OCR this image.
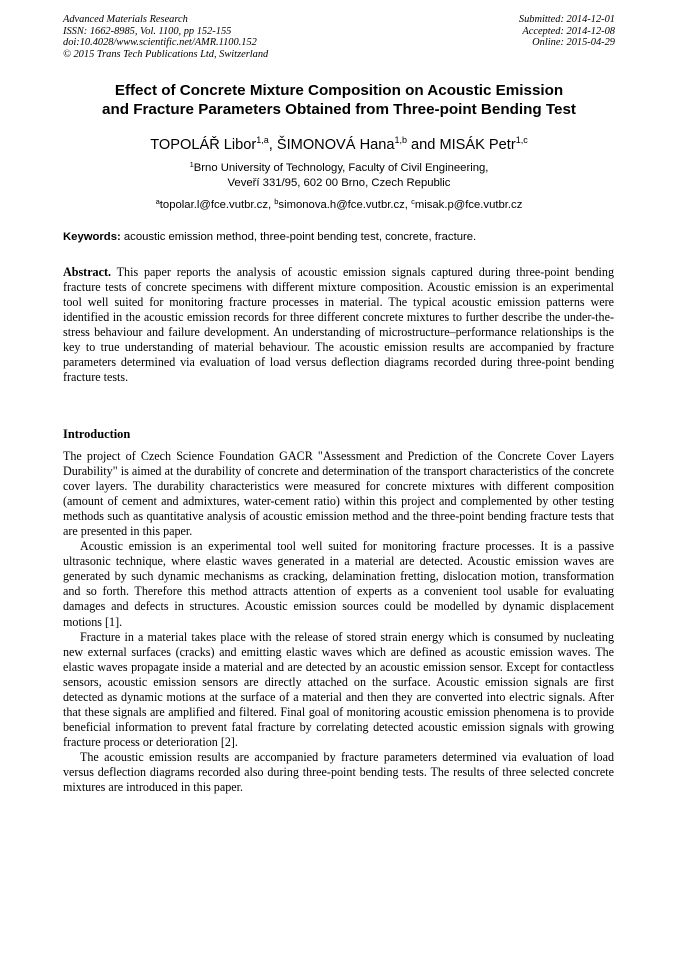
Advanced Materials Research
ISSN: 1662-8985, Vol. 1100, pp 152-155
doi:10.4028/www.scientific.net/AMR.1100.152
© 2015 Trans Tech Publications Ltd, Switzerland
Submitted: 2014-12-01
Accepted: 2014-12-08
Online: 2015-04-29
Effect of Concrete Mixture Composition on Acoustic Emission
and Fracture Parameters Obtained from Three-point Bending Test
TOPOLÁŘ Libor$^{1,a}$, ŠIMONOVÁ Hana$^{1,b}$ and MISÁK Petr$^{1,c}$
$^1$Brno University of Technology, Faculty of Civil Engineering,
Veveří 331/95, 602 00 Brno, Czech Republic
$^a$topolar.l@fce.vutbr.cz, $^b$simonova.h@fce.vutbr.cz, $^c$misak.p@fce.vutbr.cz
Keywords: acoustic emission method, three-point bending test, concrete, fracture.

Abstract. This paper reports the analysis of acoustic emission signals captured during three-point bending fracture tests of concrete specimens with different mixture composition. Acoustic emission is an experimental tool well suited for monitoring fracture processes in material. The typical acoustic emission patterns were identified in the acoustic emission records for three different concrete mixtures to further describe the under-the-stress behaviour and failure development. An understanding of microstructure–performance relationships is the key to true understanding of material behaviour. The acoustic emission results are accompanied by fracture parameters determined via evaluation of load versus deflection diagrams recorded during three-point bending fracture tests.

Introduction

The project of Czech Science Foundation GACR "Assessment and Prediction of the Concrete Cover Layers Durability" is aimed at the durability of concrete and determination of the transport characteristics of the concrete cover layers. The durability characteristics were measured for concrete mixtures with different composition (amount of cement and admixtures, water-cement ratio) within this project and complemented by other testing methods such as quantitative analysis of acoustic emission method and the three-point bending fracture tests that are presented in this paper.

Acoustic emission is an experimental tool well suited for monitoring fracture processes. It is a passive ultrasonic technique, where elastic waves generated in a material are detected. Acoustic emission waves are generated by such dynamic mechanisms as cracking, delamination fretting, dislocation motion, transformation and so forth. Therefore this method attracts attention of experts as a convenient tool usable for evaluating damages and defects in structures. Acoustic emission sources could be modelled by dynamic displacement motions [1].

Fracture in a material takes place with the release of stored strain energy which is consumed by nucleating new external surfaces (cracks) and emitting elastic waves which are defined as acoustic emission waves. The elastic waves propagate inside a material and are detected by an acoustic emission sensor. Except for contactless sensors, acoustic emission sensors are directly attached on the surface. Acoustic emission signals are first detected as dynamic motions at the surface of a material and then they are converted into electric signals. After that these signals are amplified and filtered. Final goal of monitoring acoustic emission phenomena is to provide beneficial information to prevent fatal fracture by correlating detected acoustic emission signals with growing fracture process or deterioration [2].

The acoustic emission results are accompanied by fracture parameters determined via evaluation of load versus deflection diagrams recorded also during three-point bending tests. The results of three selected concrete mixtures are introduced in this paper.
